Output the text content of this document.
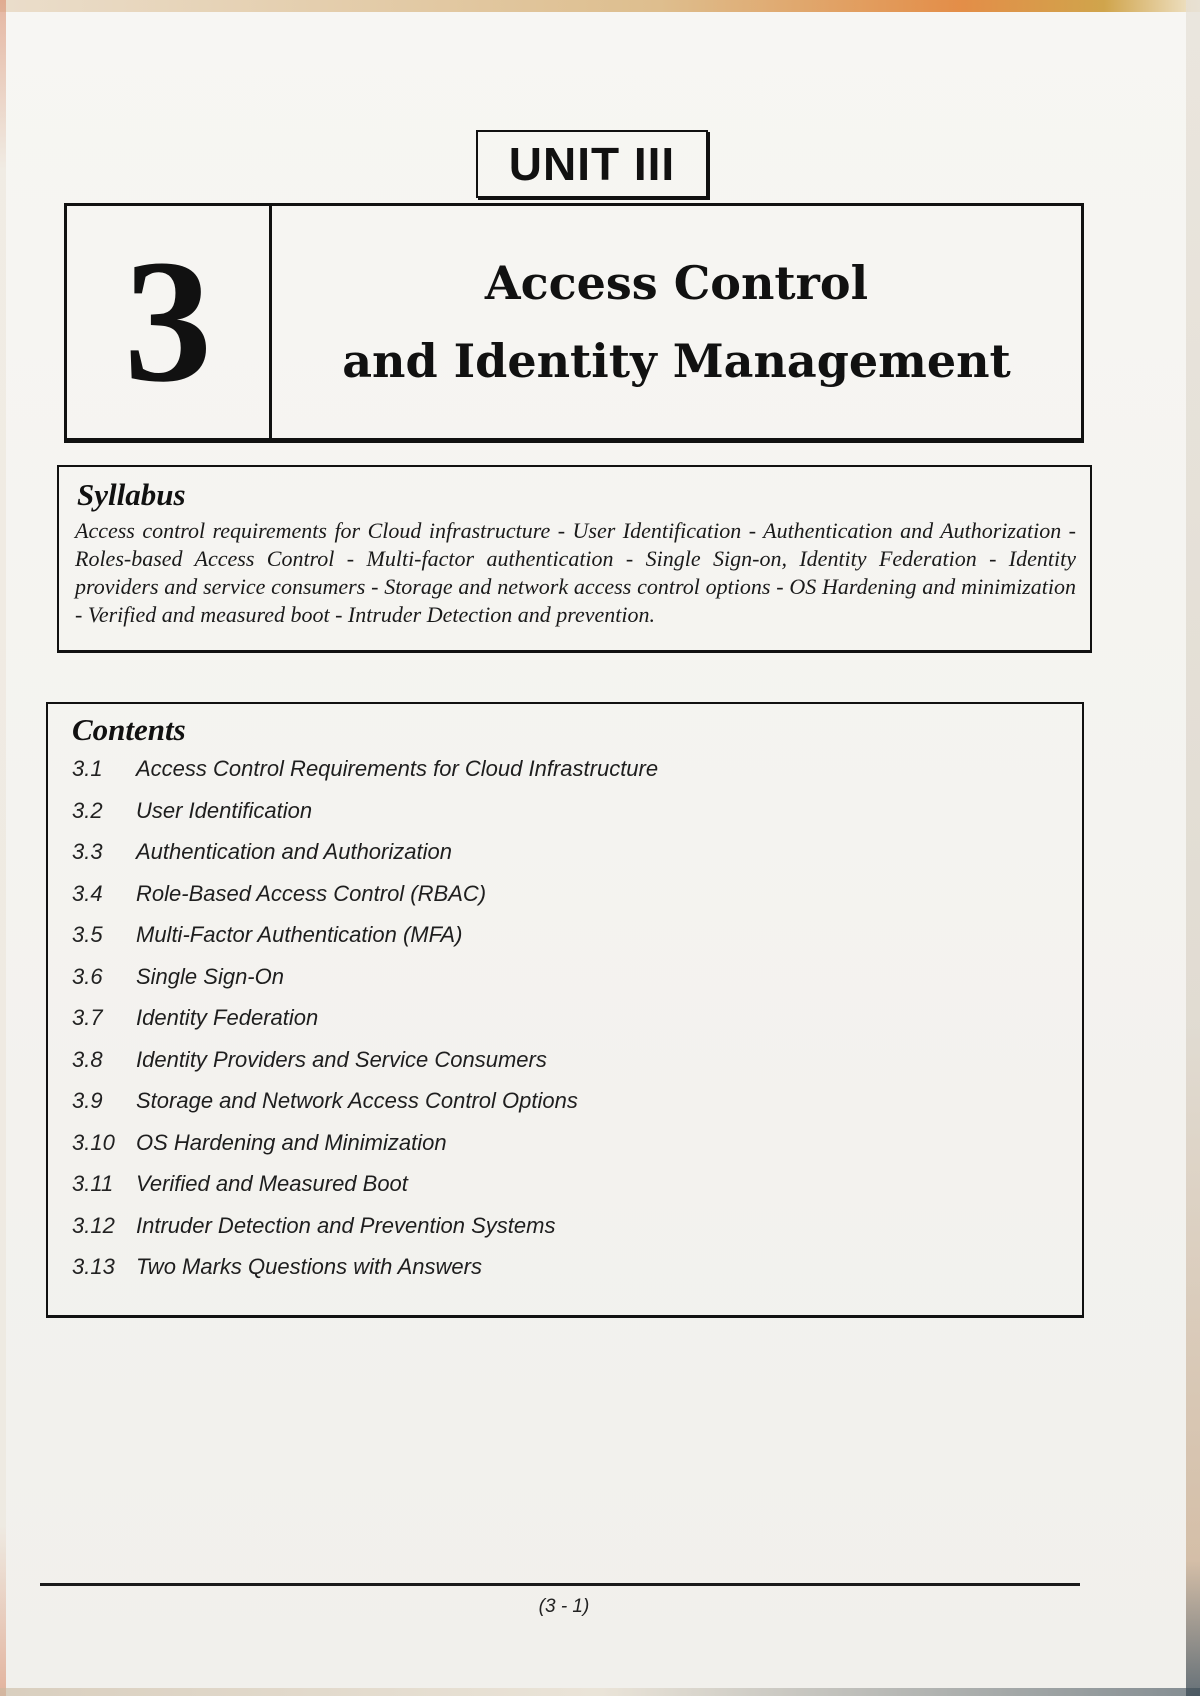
UNIT III
3	Access Control
and Identity Management
Syllabus

Access control requirements for Cloud infrastructure - User Identification - Authentication and Authorization - Roles-based Access Control - Multi-factor authentication - Single Sign-on, Identity Federation - Identity providers and service consumers - Storage and network access control options - OS Hardening and minimization - Verified and measured boot - Intruder Detection and prevention.

Contents
3.1	Access Control Requirements for Cloud Infrastructure
3.2	User Identification
3.3	Authentication and Authorization
3.4	Role-Based Access Control (RBAC)
3.5	Multi-Factor Authentication (MFA)
3.6	Single Sign-On
3.7	Identity Federation
3.8	Identity Providers and Service Consumers
3.9	Storage and Network Access Control Options
3.10 OS Hardening and Minimization
3.11	Verified and Measured Boot
3.12 Intruder Detection and Prevention Systems
3.13 Two Marks Questions with Answers
(3 - 1)
